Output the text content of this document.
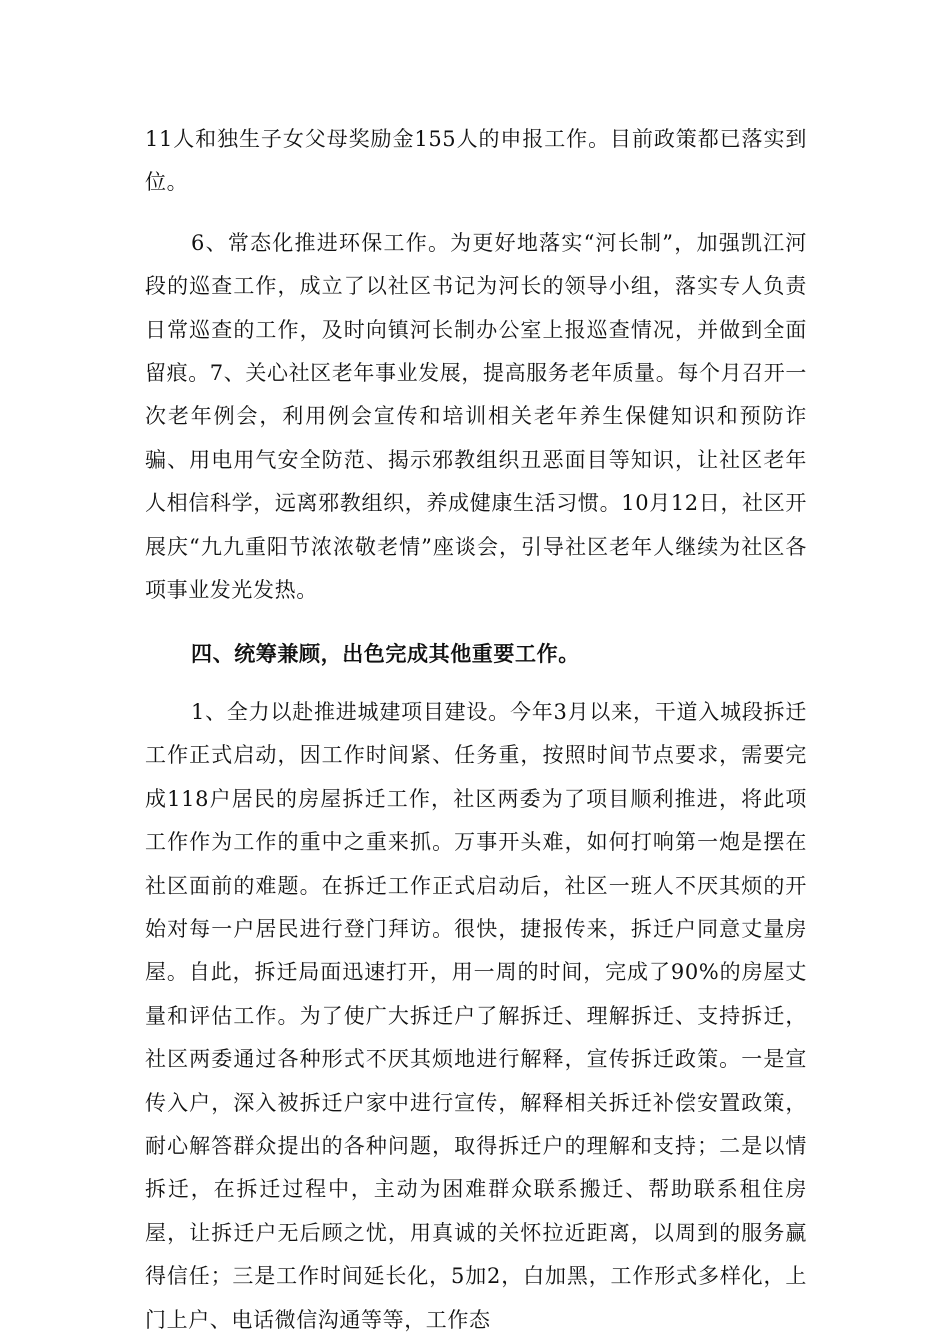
11人和独生子女父母奖励金155人的申报工作。目前政策都已落实到位。

6、常态化推进环保工作。为更好地落实“河长制”，加强凯江河段的巡查工作，成立了以社区书记为河长的领导小组，落实专人负责日常巡查的工作，及时向镇河长制办公室上报巡查情况，并做到全面留痕。7、关心社区老年事业发展，提高服务老年质量。每个月召开一次老年例会，利用例会宣传和培训相关老年养生保健知识和预防诈骗、用电用气安全防范、揭示邪教组织丑恶面目等知识，让社区老年人相信科学，远离邪教组织，养成健康生活习惯。10月12日，社区开展庆“九九重阳节浓浓敬老情”座谈会，引导社区老年人继续为社区各项事业发光发热。

四、统筹兼顾，出色完成其他重要工作。

1、全力以赴推进城建项目建设。今年3月以来，干道入城段拆迁工作正式启动，因工作时间紧、任务重，按照时间节点要求，需要完成118户居民的房屋拆迁工作，社区两委为了项目顺利推进，将此项工作作为工作的重中之重来抓。万事开头难，如何打响第一炮是摆在社区面前的难题。在拆迁工作正式启动后，社区一班人不厌其烦的开始对每一户居民进行登门拜访。很快，捷报传来，拆迁户同意丈量房屋。自此，拆迁局面迅速打开，用一周的时间，完成了90%的房屋丈量和评估工作。为了使广大拆迁户了解拆迁、理解拆迁、支持拆迁，社区两委通过各种形式不厌其烦地进行解释，宣传拆迁政策。一是宣传入户，深入被拆迁户家中进行宣传，解释相关拆迁补偿安置政策，耐心解答群众提出的各种问题，取得拆迁户的理解和支持；二是以情拆迁，在拆迁过程中，主动为困难群众联系搬迁、帮助联系租住房屋，让拆迁户无后顾之忧，用真诚的关怀拉近距离，以周到的服务赢得信任；三是工作时间延长化，5加2，白加黑，工作形式多样化，上门上户、电话微信沟通等等，工作态
